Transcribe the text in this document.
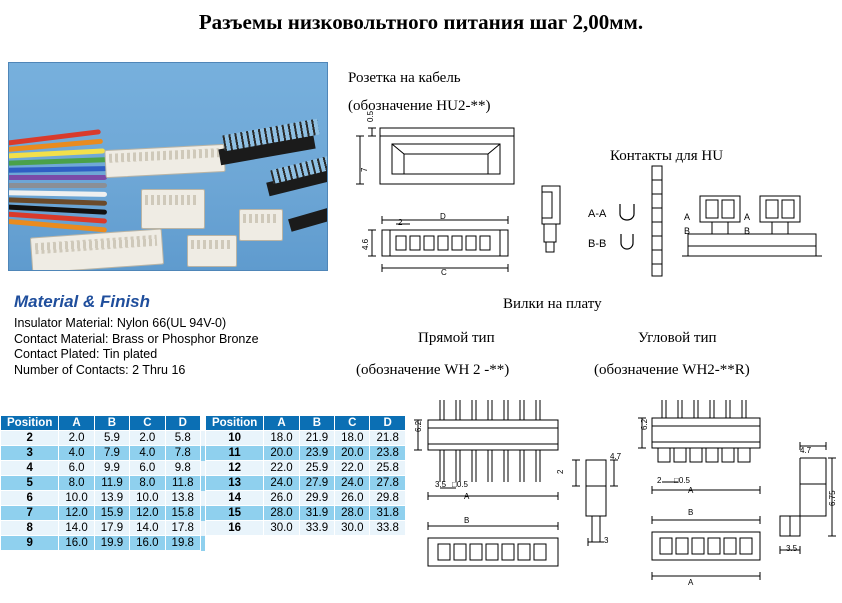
Разъемы низковольтного питания шаг 2,00мм.
Material & Finish

Insulator Material: Nylon 66(UL 94V-0)

Contact Material: Brass or Phosphor Bronze

Contact Plated: Tin plated

Number of Contacts: 2 Thru 16

Розетка на кабель
(обозначение HU2-**)
0.5
7
2
D
4.6
C
Контакты для HU
A-A
B-B
A
B
A
B
Вилки на плату
Прямой тип
(обозначение WH 2 -**)
Угловой тип
(обозначение WH2-**R)
6.2
3.5 □0.5
A
B
2
4.7
3
6.2
2 □0.5
A
B
A
4.7
6.75
3.5
Position	A	B	C	D		Position	A	B	C	D
2	2.0	5.9	2.0	5.8		10	18.0	21.9	18.0	21.8
3	4.0	7.9	4.0	7.8		11	20.0	23.9	20.0	23.8
4	6.0	9.9	6.0	9.8		12	22.0	25.9	22.0	25.8
5	8.0	11.9	8.0	11.8		13	24.0	27.9	24.0	27.8
6	10.0	13.9	10.0	13.8		14	26.0	29.9	26.0	29.8
7	12.0	15.9	12.0	15.8		15	28.0	31.9	28.0	31.8
8	14.0	17.9	14.0	17.8		16	30.0	33.9	30.0	33.8
9	16.0	19.9	16.0	19.8						
